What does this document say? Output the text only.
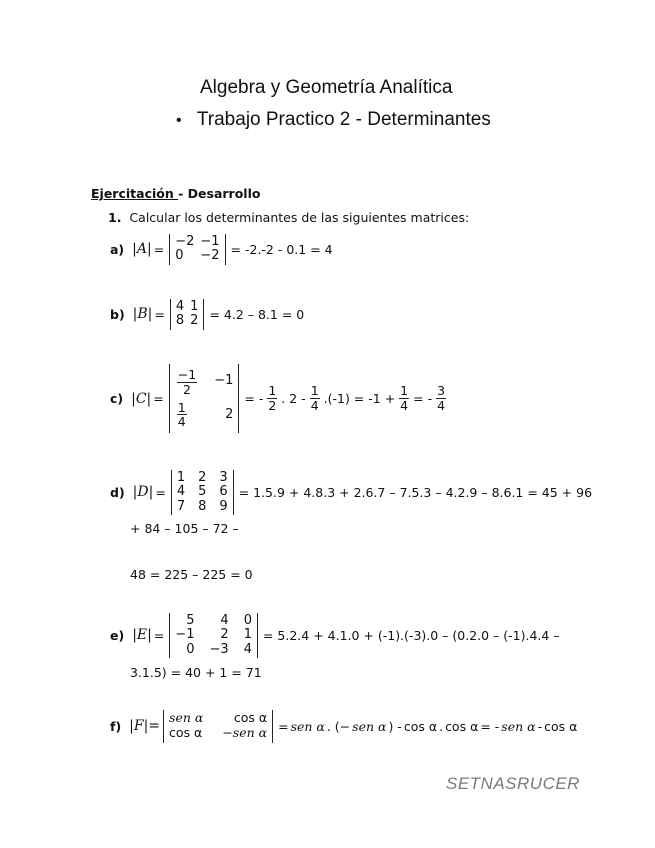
Algebra y Geometría Analítica
• Trabajo Practico 2 - Determinantes
Ejercitación - Desarrollo
1. Calcular los determinantes de las siguientes matrices:
a) |A| =
−2	−1
0	−2 = -2.-2 - 0.1 = 4
b) |B| =
4	1
8	2 = 4.2 – 8.1 = 0
c) |C| =
$\frac{-1}{2}$	−1

$\frac{1}{4}$	2
= - $\frac{1}{2}$ . $2 - \frac{1}{4} .(-1) = -1 + \frac{1}{4}$ = - $\frac{3}{4}$
d) |D| =
1	2	3
4	5	6
7	8	9
= 1.5.9 + 4.8.3 + 2.6.7 – 7.5.3 – 4.2.9 – 8.6.1 = 45 + 96
+ 84 – 105 – 72 –
48 = 225 – 225 = 0
e) |E| =
5	4	0
−1	2	1
0	−3	4
= 5.2.4 + 4.1.0 + (-1).(-3).0 – (0.2.0 – (-1).4.4 –
3.1.5) = 40 + 1 = 71
f) |F|=
sen α	cos α
cos α	−sen α = sen α . (− sen α ) - cos α . cos α = - sen α - cos α
SETNASRUCER
